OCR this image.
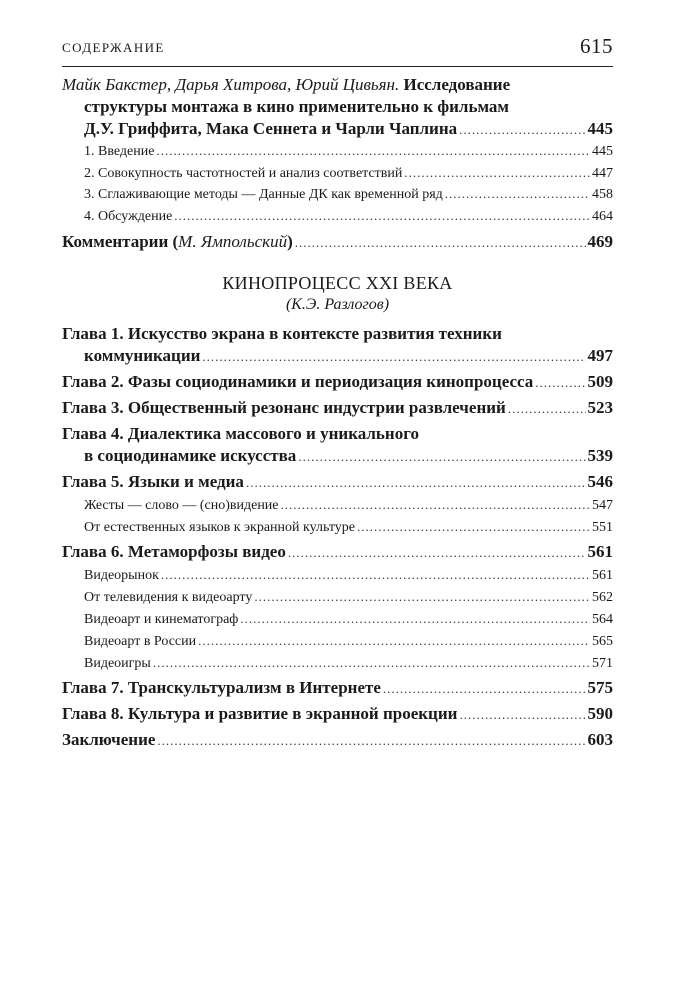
СОДЕРЖАНИЕ	615
Майк Бакстер, Дарья Хитрова, Юрий Цивьян. Исследование
структуры монтажа в кино применительно к фильмам
Д.У. Гриффита, Мака Сеннета и Чарли Чаплина .....	445
1. Введение .....	445
2. Совокупность частотностей и анализ соответствий .....	447
3. Сглаживающие методы — Данные ДК как временной ряд .....	458
4. Обсуждение .....	464
Комментарии (М. Ямпольский) .....	469
КИНОПРОЦЕСС XXI ВЕКА
(К.Э. Разлогов)
Глава 1. Искусство экрана в контексте развития техники
коммуникации .....	497
Глава 2. Фазы социодинамики и периодизация кинопроцесса .....	509
Глава 3. Общественный резонанс индустрии развлечений .....	523
Глава 4. Диалектика массового и уникального
в социодинамике искусства .....	539
Глава 5. Языки и медиа .....	546
Жесты — слово — (сно)видение .....	547
От естественных языков к экранной культуре .....	551
Глава 6. Метаморфозы видео .....	561
Видеорынок .....	561
От телевидения к видеоарту .....	562
Видеоарт и кинематограф .....	564
Видеоарт в России .....	565
Видеоигры .....	571
Глава 7. Транскультурализм в Интернете .....	575
Глава 8. Культура и развитие в экранной проекции .....	590
Заключение .....	603
